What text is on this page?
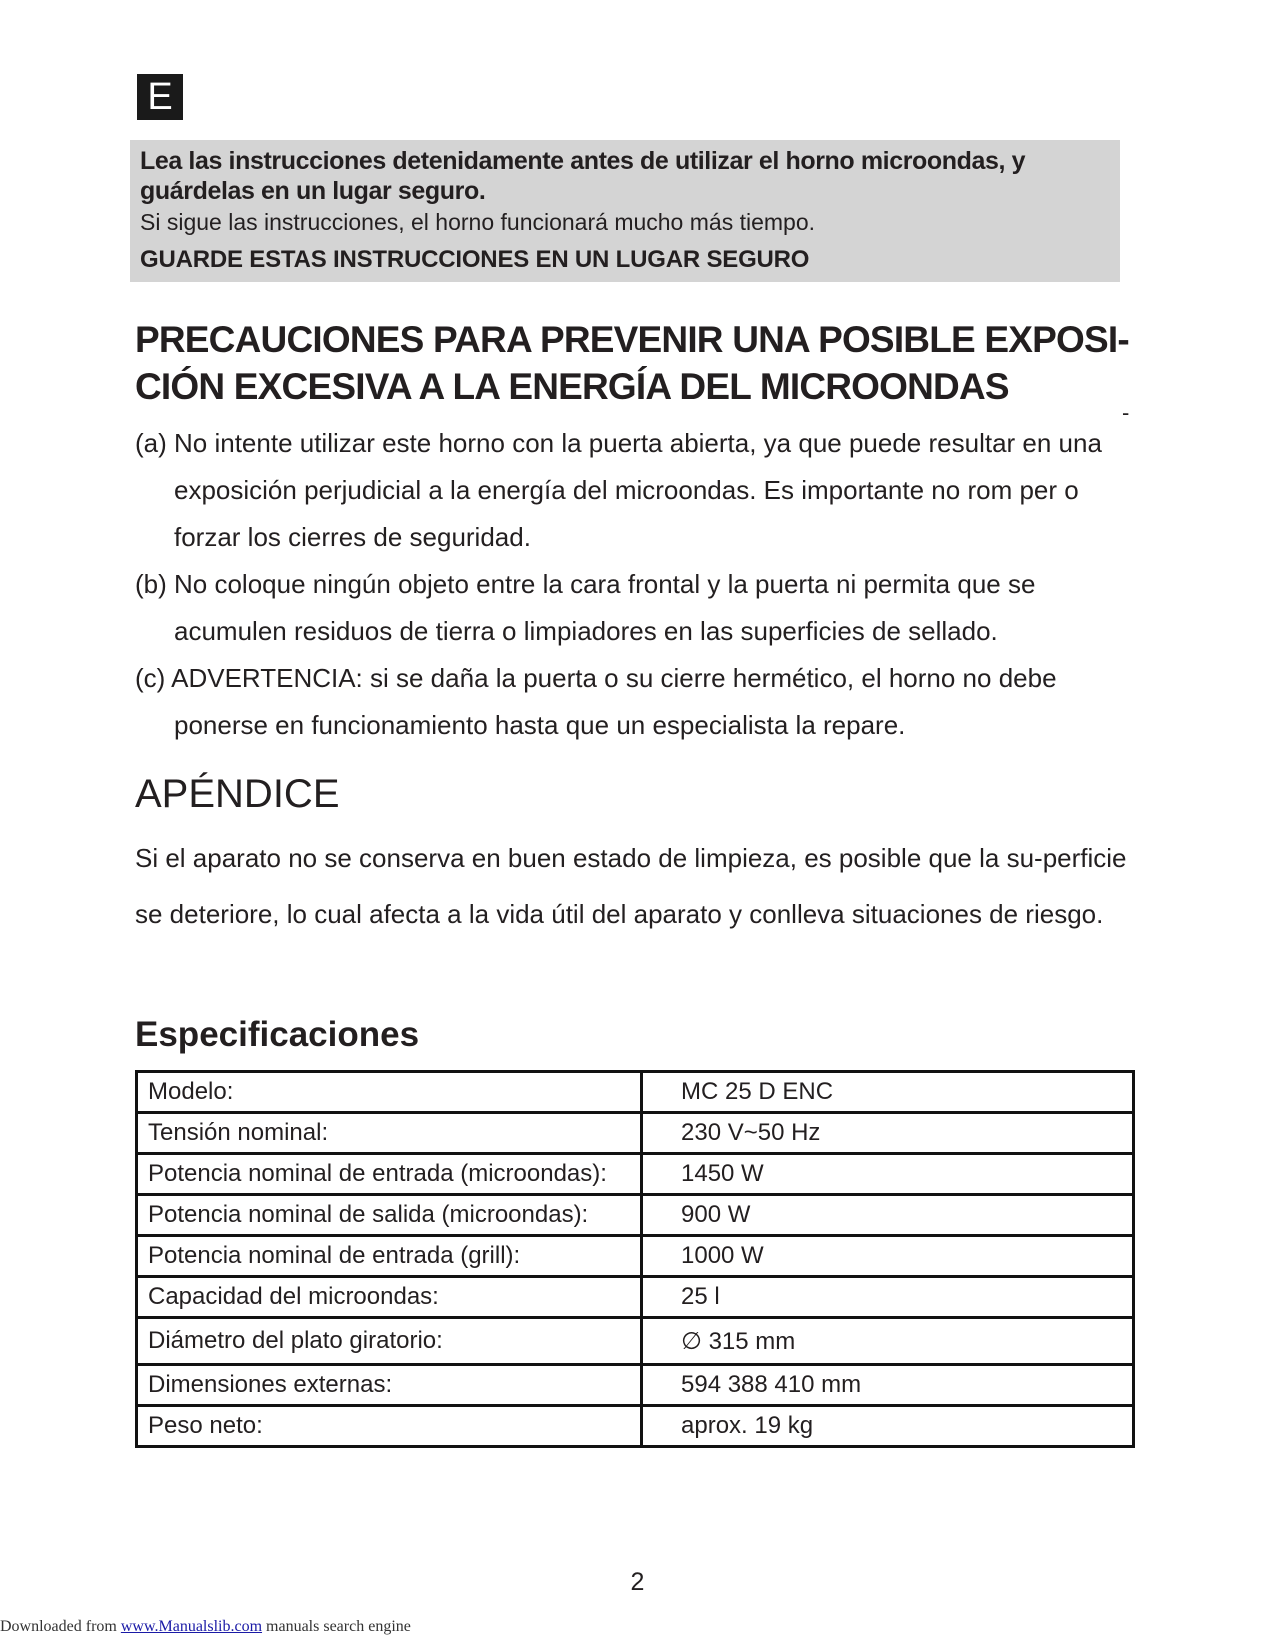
E
Lea las instrucciones detenidamente antes de utilizar el horno microondas, y guárdelas en un lugar seguro.
Si sigue las instrucciones, el horno funcionará mucho más tiempo.
GUARDE ESTAS INSTRUCCIONES EN UN LUGAR SEGURO
PRECAUCIONES PARA PREVENIR UNA POSIBLE EXPOSI-CIÓN EXCESIVA A LA ENERGÍA DEL MICROONDAS
-
(a) No intente utilizar este horno con la puerta abierta, ya que puede resultar en una exposición perjudicial a la energía del microondas. Es importante no rom per o forzar los cierres de seguridad.
(b) No coloque ningún objeto entre la cara frontal y la puerta ni permita que se acumulen residuos de tierra o limpiadores en las superficies de sellado.
(c) ADVERTENCIA: si se daña la puerta o su cierre hermético, el horno no debe ponerse en funcionamiento hasta que un especialista la repare.
APÉNDICE
Si el aparato no se conserva en buen estado de limpieza, es posible que la su-perficie se deteriore, lo cual afecta a la vida útil del aparato y conlleva situaciones de riesgo.
Especificaciones
Modelo:	MC 25 D ENC
Tensión nominal:	230 V~50 Hz
Potencia nominal de entrada (microondas):	1450 W
Potencia nominal de salida (microondas):	900 W
Potencia nominal de entrada (grill):	1000 W
Capacidad del microondas:	25 l
Diámetro del plato giratorio:	∅ 315 mm
Dimensiones externas:	594 388 410 mm
Peso neto:	aprox. 19 kg
2
Downloaded from www.Manualslib.com manuals search engine
